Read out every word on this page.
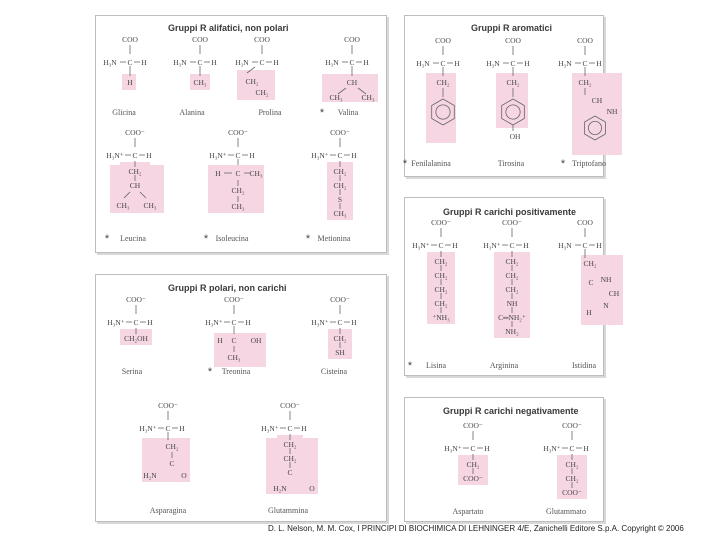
Gruppi R alifatici, non polari	Gruppi R aromatici
Gruppi R carichi positivamente
Gruppi R polari, non carichi
Gruppi R carichi negativamente
COO
H₃N C H
H
Glicina
COO
H₃N C H
CH₃
Alanina
COO
H₃N C H
CH₂
CH₂
Prolina
COO
H₃N C H
CH
CH₃	CH₃
Valina
*
COO⁻
H₃N⁺ C H
CH₂
CH
CH₃ CH₃
Leucina
*
COO⁻
H₃N⁺ C H
C
H	CH₃
CH₂
CH₃
Isoleucina
*
COO⁻
H₃N⁺ C H
CH₂
CH₂
S
CH₃
Metionina
*
COO
H₃N C H
CH₂
Fenilalanina
*
COO
H₃N C H
CH₂
OH
Tirosina
COO
H₃N C H
CH₂
CH
NH
Triptofano
*
COO⁻
H₃N⁺ C H
CH₂
CH₂
CH₂
CH₂
⁺NH₃
Lisina
*
COO⁻
H₃N⁺ C H
CH₂
CH₂
CH₂
NH
C═NH₂⁺
NH₂
Arginina
COO
H₃N C H
CH₂
C NH
CH
N
H
Istidina
COO⁻
H₃N⁺ C H
CH₂OH
Serina
COO⁻
H₃N⁺ C H
C
H	OH
CH₃
Treonina
*
COO⁻
H₃N⁺ C H
CH₂
SH
Cisteina
COO⁻
H₃N⁺ C H
CH₂
C
H₂N	O
Asparagina
COO⁻
H₃N⁺ C H
CH₂
CH₂
C
H₂N	O
Glutammina
COO⁻
H₃N⁺ C H
CH₂
COO⁻
Aspartato
COO⁻
H₃N⁺ C H
CH₂
CH₂
COO⁻
Glutammato
D. L. Nelson, M. M. Cox, I PRINCIPI DI BIOCHIMICA DI LEHNINGER 4/E, Zanichelli Editore S.p.A. Copyright © 2006
